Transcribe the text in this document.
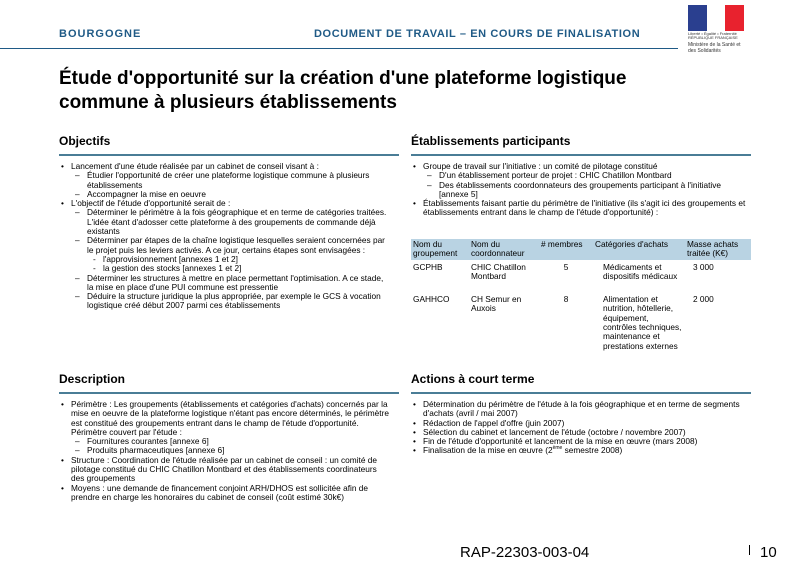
BOURGOGNE	DOCUMENT DE TRAVAIL – EN COURS DE FINALISATION	Liberté • Égalité • Fraternité
RÉPUBLIQUE FRANÇAISE
Ministère de la Santé et des Solidarités
Étude d'opportunité sur la création d'une plateforme logistique
commune à plusieurs établissements
Objectifs
• Lancement d'une étude réalisée par un cabinet de conseil visant à :
– Étudier l'opportunité de créer une plateforme logistique commune à plusieurs établissements
– Accompagner la mise en oeuvre
• L'objectif de l'étude d'opportunité serait de :
– Déterminer le périmètre à la fois géographique et en terme de catégories traitées. L'idée étant d'adosser cette plateforme à des groupements de commande déjà existants
– Déterminer par étapes de la chaîne logistique lesquelles seraient concernées par le projet puis les leviers activés. A ce jour, certains étapes sont envisagées :
- l'approvisionnement [annexes 1 et 2]
- la gestion des stocks [annexes 1 et 2]
– Déterminer les structures à mettre en place permettant l'optimisation. A ce stade, la mise en place d'une PUI commune est pressentie
– Déduire la structure juridique la plus appropriée, par exemple le GCS à vocation logistique créé début 2007 parmi ces établissements
Établissements participants
• Groupe de travail sur l'initiative : un comité de pilotage constitué
– D'un établissement porteur de projet : CHIC Chatillon Montbard
– Des établissements coordonnateurs des groupements participant à l'initiative [annexe 5]
• Établissements faisant partie du périmètre de l'initiative (ils s'agit ici des groupements et établissements entrant dans le champ de l'étude d'opportunité) :
Nom du groupement	Nom du coordonnateur	# membres	Catégories d'achats	Masse achats traitée (K€)
GCPHB	CHIC Chatillon Montbard	5	Médicaments et dispositifs médicaux	3 000
GAHHCO	CH Semur en Auxois	8	Alimentation et nutrition, hôtellerie, équipement, contrôles techniques, maintenance et prestations externes	2 000
Description
• Périmètre : Les groupements (établissements et catégories d'achats) concernés par la mise en oeuvre de la plateforme logistique n'étant pas encore déterminés, le périmètre est constitué des groupements entrant dans le champ de l'étude d'opportunité. Périmètre couvert par l'étude :
– Fournitures courantes [annexe 6]
– Produits pharmaceutiques [annexe 6]
• Structure : Coordination de l'étude réalisée par un cabinet de conseil : un comité de pilotage constitué du CHIC Chatillon Montbard et des établissements coordinateurs des groupements
• Moyens : une demande de financement conjoint ARH/DHOS est sollicitée afin de prendre en charge les honoraires du cabinet de conseil (coût estimé 30k€)
Actions à court terme
• Détermination du périmètre de l'étude à la fois géographique et en terme de segments d'achats (avril / mai 2007)
• Rédaction de l'appel d'offre (juin 2007)
• Sélection du cabinet et lancement de l'étude (octobre / novembre 2007)
• Fin de l'étude d'opportunité et lancement de la mise en œuvre (mars 2008)
• Finalisation de la mise en œuvre (2ème semestre 2008)
RAP-22303-003-04	10
